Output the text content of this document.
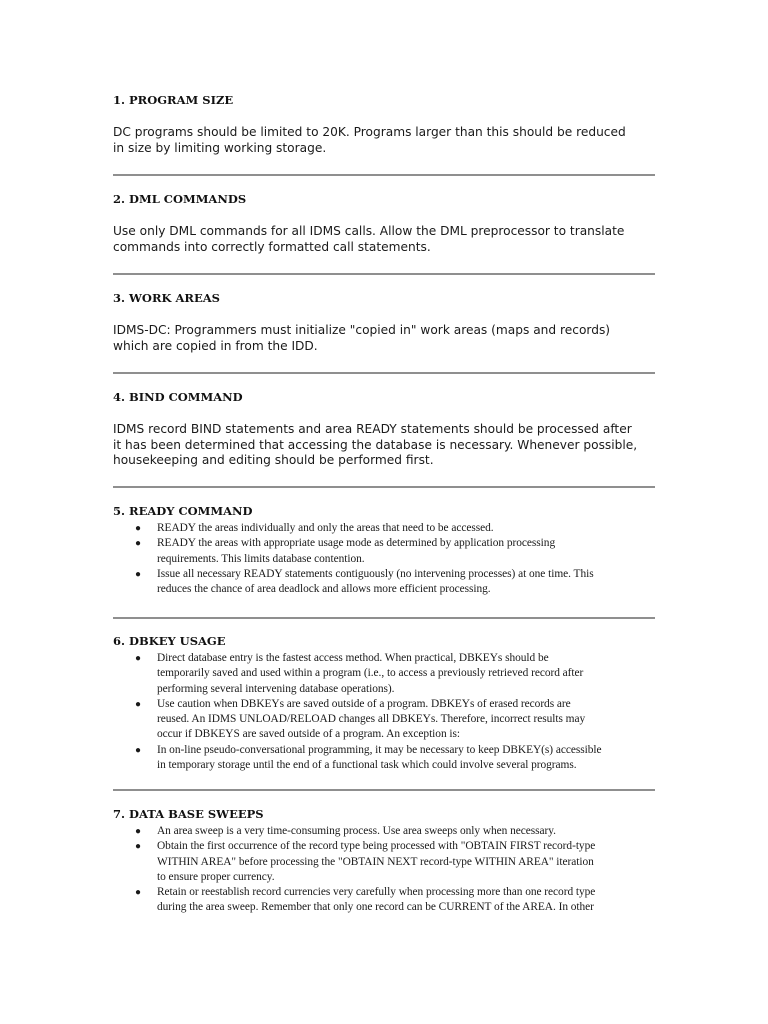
1. PROGRAM SIZE

DC programs should be limited to 20K. Programs larger than this should be reduced
in size by limiting working storage.

2. DML COMMANDS

Use only DML commands for all IDMS calls. Allow the DML preprocessor to translate
commands into correctly formatted call statements.

3. WORK AREAS

IDMS-DC: Programmers must initialize "copied in" work areas (maps and records)
which are copied in from the IDD.

4. BIND COMMAND

IDMS record BIND statements and area READY statements should be processed after
it has been determined that accessing the database is necessary. Whenever possible,
housekeeping and editing should be performed first.

5. READY COMMAND

● READY the areas individually and only the areas that need to be accessed.
● READY the areas with appropriate usage mode as determined by application processing
requirements. This limits database contention.
● Issue all necessary READY statements contiguously (no intervening processes) at one time. This
reduces the chance of area deadlock and allows more efficient processing.

6. DBKEY USAGE

● Direct database entry is the fastest access method. When practical, DBKEYs should be
temporarily saved and used within a program (i.e., to access a previously retrieved record after
performing several intervening database operations).
● Use caution when DBKEYs are saved outside of a program. DBKEYs of erased records are
reused. An IDMS UNLOAD/RELOAD changes all DBKEYs. Therefore, incorrect results may
occur if DBKEYS are saved outside of a program. An exception is:
● In on-line pseudo-conversational programming, it may be necessary to keep DBKEY(s) accessible
in temporary storage until the end of a functional task which could involve several programs.

7. DATA BASE SWEEPS

● An area sweep is a very time-consuming process. Use area sweeps only when necessary.
● Obtain the first occurrence of the record type being processed with "OBTAIN FIRST record-type
WITHIN AREA" before processing the "OBTAIN NEXT record-type WITHIN AREA" iteration
to ensure proper currency.
● Retain or reestablish record currencies very carefully when processing more than one record type
during the area sweep. Remember that only one record can be CURRENT of the AREA. In other
